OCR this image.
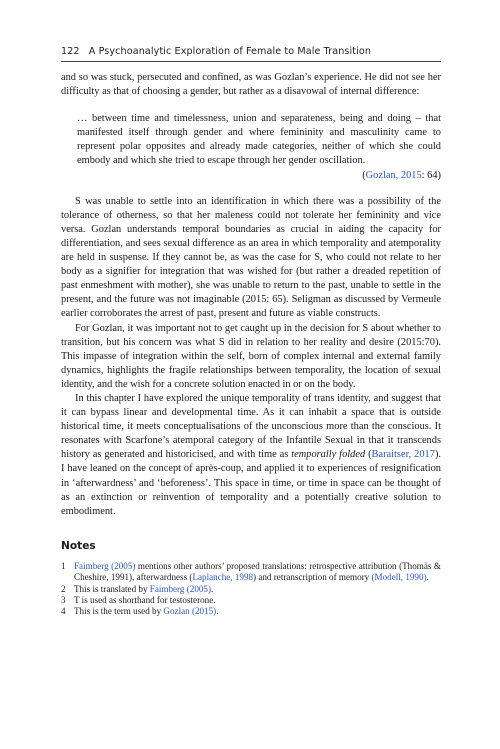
122 A Psychoanalytic Exploration of Female to Male Transition

and so was stuck, persecuted and confined, as was Gozlan’s experience. He did not see her difficulty as that of choosing a gender, but rather as a disavowal of internal difference:

… between time and timelessness, union and separateness, being and doing – that manifested itself through gender and where femininity and masculinity came to represent polar opposites and already made categories, neither of which she could embody and which she tried to escape through her gender oscillation.

(Gozlan, 2015: 64)

S was unable to settle into an identification in which there was a possibility of the tolerance of otherness, so that her maleness could not tolerate her femininity and vice versa. Gozlan understands temporal boundaries as crucial in aiding the capacity for differentiation, and sees sexual difference as an area in which temporality and atemporality are held in suspense. If they cannot be, as was the case for S, who could not relate to her body as a signifier for integration that was wished for (but rather a dreaded repetition of past enmeshment with mother), she was unable to return to the past, unable to settle in the present, and the future was not imaginable (2015: 65). Seligman as discussed by Vermeule earlier corroborates the arrest of past, present and future as viable constructs.

For Gozlan, it was important not to get caught up in the decision for S about whether to transition, but his concern was what S did in relation to her reality and desire (2015:70). This impasse of integration within the self, born of complex internal and external family dynamics, highlights the fragile relationships between temporality, the location of sexual identity, and the wish for a concrete solution enacted in or on the body.

In this chapter I have explored the unique temporality of trans identity, and suggest that it can bypass linear and developmental time. As it can inhabit a space that is outside historical time, it meets conceptualisations of the unconscious more than the conscious. It resonates with Scarfone’s atemporal category of the Infantile Sexual in that it transcends history as generated and historicised, and with time as temporally folded (Baraitser, 2017). I have leaned on the concept of après-coup, and applied it to experiences of resignification in ‘afterwardness’ and ‘beforeness’. This space in time, or time in space can be thought of as an extinction or reinvention of temporality and a potentially creative solution to embodiment.

Notes

1 Faimberg (2005) mentions other authors’ proposed translations: retrospective attribution (Thomäs & Cheshire, 1991), afterwardness (Laplanche, 1998) and retranscription of memory (Modell, 1990).
2 This is translated by Faimberg (2005).
3 T is used as shorthand for testosterone.
4 This is the term used by Gozlan (2015).
